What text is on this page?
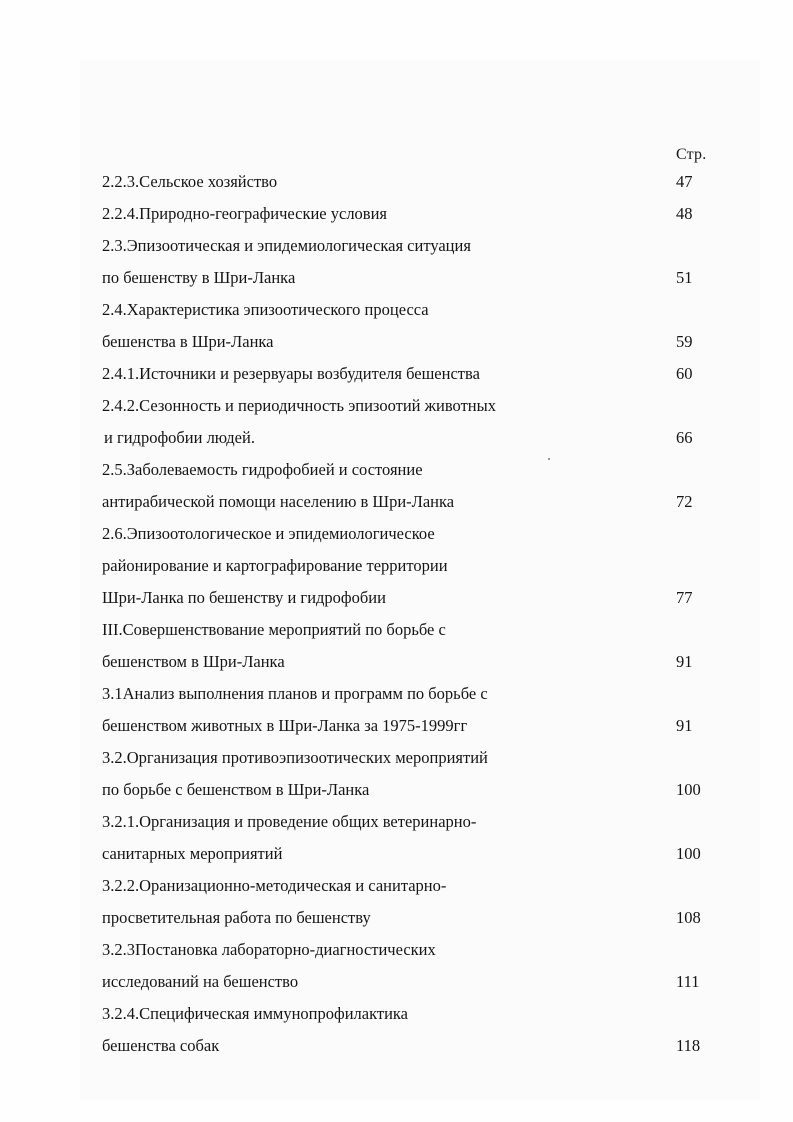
Стр.
2.2.3.Сельское хозяйство	47
2.2.4.Природно-географические условия	48
2.3.Эпизоотическая и эпидемиологическая ситуация
по бешенству в Шри-Ланка	51
2.4.Характеристика эпизоотического процесса
бешенства в Шри-Ланка	59
2.4.1.Источники и резервуары возбудителя бешенства	60
2.4.2.Сезонность и периодичность эпизоотий животных
и гидрофобии людей.	66
2.5.Заболеваемость гидрофобией и состояние
антирабической помощи населению в Шри-Ланка	72
2.6.Эпизоотологическое и эпидемиологическое
районирование и картографирование территории
Шри-Ланка по бешенству и гидрофобии	77
III.Совершенствование мероприятий по борьбе с
бешенством в Шри-Ланка	91
3.1Анализ выполнения планов и программ по борьбе с
бешенством животных в Шри-Ланка за 1975-1999гг	91
3.2.Организация противоэпизоотических мероприятий
по борьбе с бешенством в Шри-Ланка	100
3.2.1.Организация и проведение общих ветеринарно-
санитарных мероприятий	100
3.2.2.Оранизационно-методическая и санитарно-
просветительная работа по бешенству	108
3.2.3Постановка лабораторно-диагностических
исследований на бешенство	111
3.2.4.Специфическая иммунопрофилактика
бешенства собак	118
